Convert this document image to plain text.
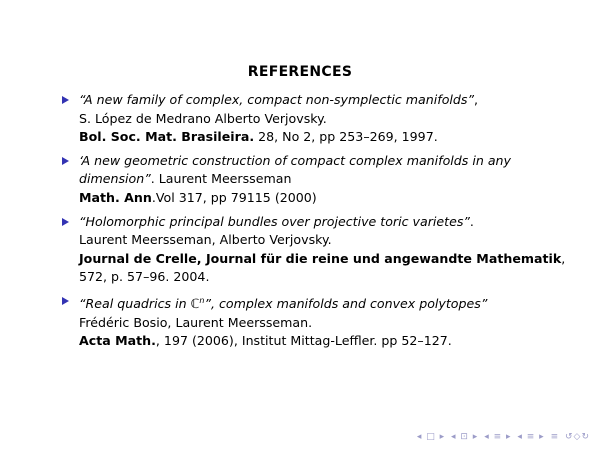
REFERENCES
“A new family of complex, compact non-symplectic manifolds”,
S. López de Medrano Alberto Verjovsky.
Bol. Soc. Mat. Brasileira. 28, No 2, pp 253–269, 1997.
‘A new geometric construction of compact complex manifolds in any
dimension”. Laurent Meersseman
Math. Ann.Vol 317, pp 79115 (2000)
“Holomorphic principal bundles over projective toric varietes”.
Laurent Meersseman, Alberto Verjovsky.
Journal de Crelle, Journal für die reine und angewandte Mathematik,
572, p. 57–96. 2004.
“Real quadrics in ℂ$^n$”, complex manifolds and convex polytopes”
Frédéric Bosio, Laurent Meersseman.
Acta Math., 197 (2006), Institut Mittag-Leffler. pp 52–127.
◂ □ ▸ ◂ ⊡ ▸ ◂ ≡ ▸ ◂ ≡ ▸ ≡ ↺◇↻
